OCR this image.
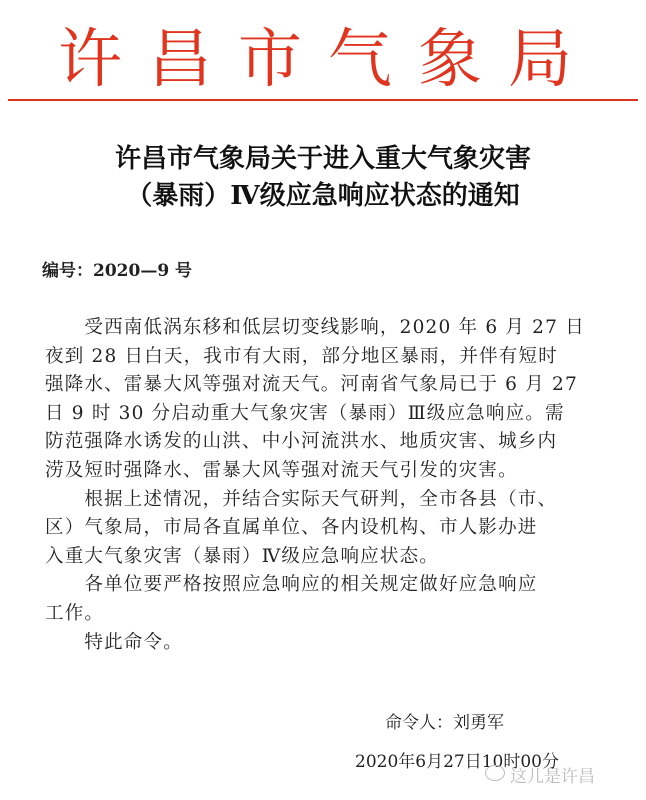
许昌市气象局
许昌市气象局关于进入重大气象灾害
（暴雨）Ⅳ级应急响应状态的通知
编号：2020—9 号
　　受西南低涡东移和低层切变线影响，2020 年 6 月 27 日
夜到 28 日白天，我市有大雨，部分地区暴雨，并伴有短时
强降水、雷暴大风等强对流天气。河南省气象局已于 6 月 27
日 9 时 30 分启动重大气象灾害（暴雨）Ⅲ级应急响应。需
防范强降水诱发的山洪、中小河流洪水、地质灾害、城乡内
涝及短时强降水、雷暴大风等强对流天气引发的灾害。
　　根据上述情况，并结合实际天气研判，全市各县（市、
区）气象局，市局各直属单位、各内设机构、市人影办进
入重大气象灾害（暴雨）Ⅳ级应急响应状态。
　　各单位要严格按照应急响应的相关规定做好应急响应
工作。
　　特此命令。
命令人：刘勇军
2020年6月27日10时00分
这儿是许昌
